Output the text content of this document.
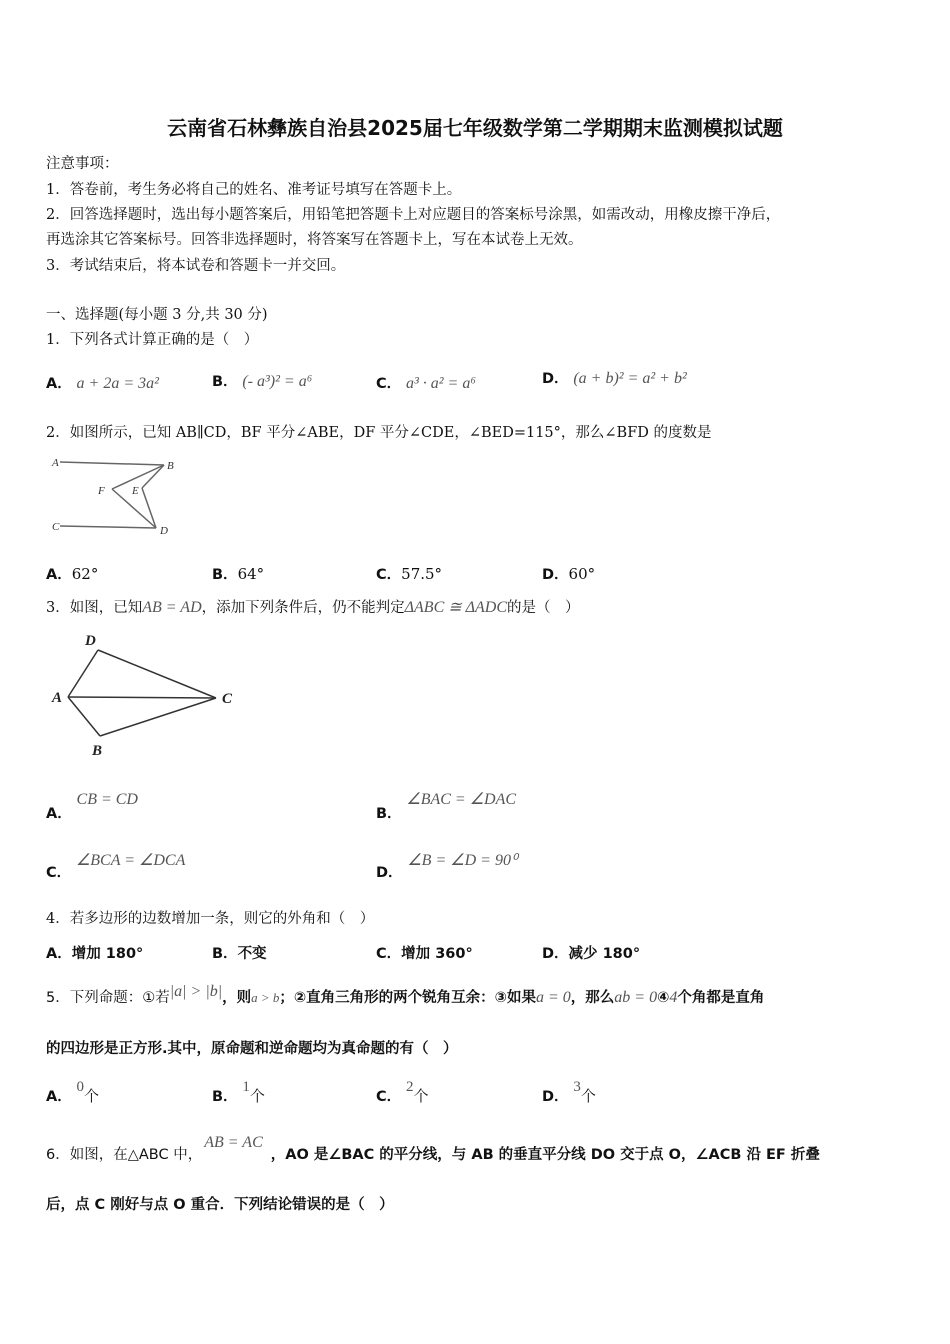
云南省石林彝族自治县2025届七年级数学第二学期期末监测模拟试题
注意事项：
1．答卷前，考生务必将自己的姓名、准考证号填写在答题卡上。
2．回答选择题时，选出每小题答案后，用铅笔把答题卡上对应题目的答案标号涂黑，如需改动，用橡皮擦干净后，
再选涂其它答案标号。回答非选择题时，将答案写在答题卡上，写在本试卷上无效。
3．考试结束后，将本试卷和答题卡一并交回。
一、选择题(每小题 3 分,共 30 分)
1．下列各式计算正确的是（　）
A． a + 2a = 3a²	B． (- a³)² = a⁶	C． a³ · a² = a⁶	D． (a + b)² = a² + b²
2．如图所示，已知 AB∥CD，BF 平分∠ABE，DF 平分∠CDE，∠BED=115°，那么∠BFD 的度数是
A	B
F E
C	D
A．62°	B．64°	C．57.5°	D．60°
3．如图，已知AB = AD，添加下列条件后，仍不能判定ΔABC ≅ ΔADC的是（　）
D
A	C
B
A． CB = CD
B． ∠BAC = ∠DAC
C． ∠BCA = ∠DCA
D． ∠B = ∠D = 90⁰
4．若多边形的边数增加一条，则它的外角和（　）
A．增加 180°	B．不变	C．增加 360°	D．减少 180°
5．下列命题：①若|a| > |b|，则a > b；②直角三角形的两个锐角互余：③如果a = 0，那么ab = 0④4个角都是直角
的四边形是正方形.其中，原命题和逆命题均为真命题的有（　）
A． 0个	B． 1个	C． 2个	D． 3个
6．如图，在△ABC 中，AB = AC，AO 是∠BAC 的平分线，与 AB 的垂直平分线 DO 交于点 O，∠ACB 沿 EF 折叠
后，点 C 刚好与点 O 重合．下列结论错误的是（　）
